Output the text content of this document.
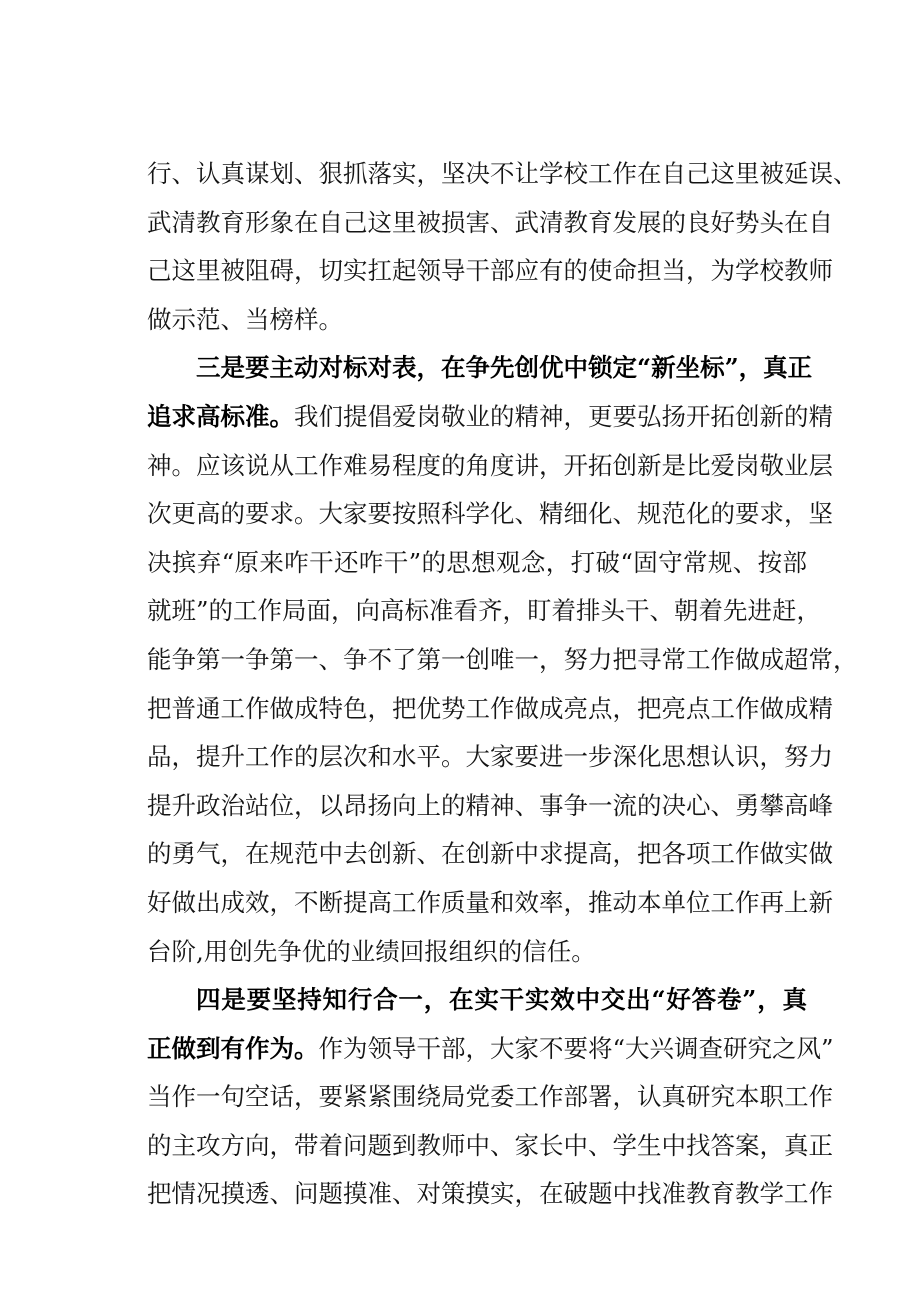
行、认真谋划、狠抓落实，坚决不让学校工作在自己这里被延误、
武清教育形象在自己这里被损害、武清教育发展的良好势头在自
己这里被阻碍，切实扛起领导干部应有的使命担当，为学校教师
做示范、当榜样。
三是要主动对标对表，在争先创优中锁定“新坐标”，真正
追求高标准。我们提倡爱岗敬业的精神，更要弘扬开拓创新的精
神。应该说从工作难易程度的角度讲，开拓创新是比爱岗敬业层
次更高的要求。大家要按照科学化、精细化、规范化的要求，坚
决摈弃“原来咋干还咋干”的思想观念，打破“固守常规、按部
就班”的工作局面，向高标准看齐，盯着排头干、朝着先进赶，
能争第一争第一、争不了第一创唯一，努力把寻常工作做成超常，
把普通工作做成特色，把优势工作做成亮点，把亮点工作做成精
品，提升工作的层次和水平。大家要进一步深化思想认识，努力
提升政治站位，以昂扬向上的精神、事争一流的决心、勇攀高峰
的勇气，在规范中去创新、在创新中求提高，把各项工作做实做
好做出成效，不断提高工作质量和效率，推动本单位工作再上新
台阶,用创先争优的业绩回报组织的信任。
四是要坚持知行合一，在实干实效中交出“好答卷”，真
正做到有作为。作为领导干部，大家不要将“大兴调查研究之风”
当作一句空话，要紧紧围绕局党委工作部署，认真研究本职工作
的主攻方向，带着问题到教师中、家长中、学生中找答案，真正
把情况摸透、问题摸准、对策摸实，在破题中找准教育教学工作
